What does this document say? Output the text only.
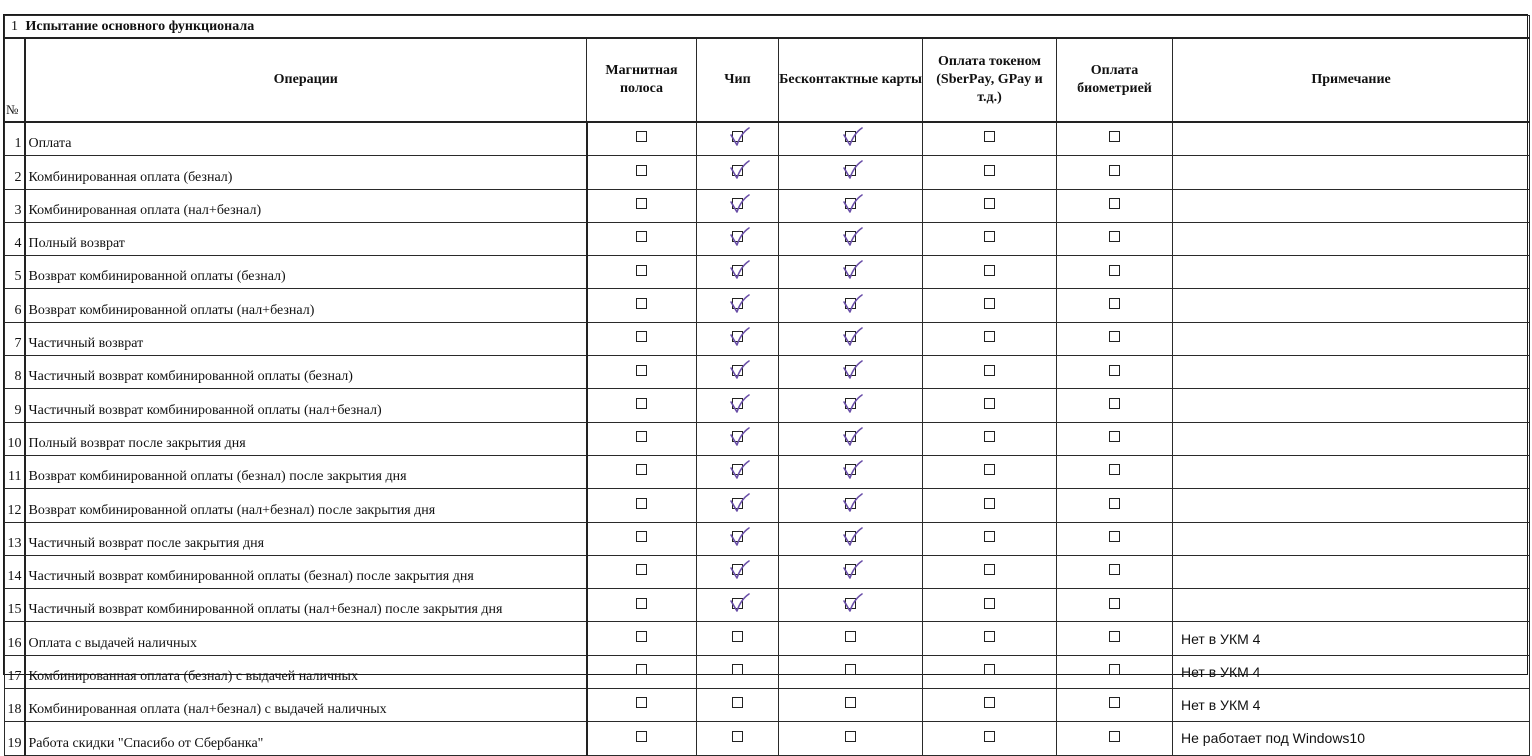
1 Испытание основного функционала							
№	Операции	Магнитная полоса	Чип	Бесконтактные карты	Оплата токеном (SberPay, GPay и т.д.)	Оплата биометрией	Примечание
1	Оплата		

2	Комбинированная оплата (безнал)		

3	Комбинированная оплата (нал+безнал)		

4	Полный возврат		

5	Возврат комбинированной оплаты (безнал)		

6	Возврат комбинированной оплаты (нал+безнал)		

7	Частичный возврат		

8	Частичный возврат комбинированной оплаты (безнал)		

9	Частичный возврат комбинированной оплаты (нал+безнал)		

10	Полный возврат после закрытия дня		

11	Возврат комбинированной оплаты (безнал) после закрытия дня		

12	Возврат комбинированной оплаты (нал+безнал) после закрытия дня		

13	Частичный возврат после закрытия дня		

14	Частичный возврат комбинированной оплаты (безнал) после закрытия дня		

15	Частичный возврат комбинированной оплаты (нал+безнал) после закрытия дня		

16	Оплата с выдачей наличных						Нет в УКМ 4
17	Комбинированная оплата (безнал) с выдачей наличных						Нет в УКМ 4
18	Комбинированная оплата (нал+безнал) с выдачей наличных						Нет в УКМ 4
19	Работа скидки "Спасибо от Сбербанка"						Не работает под Windows10
